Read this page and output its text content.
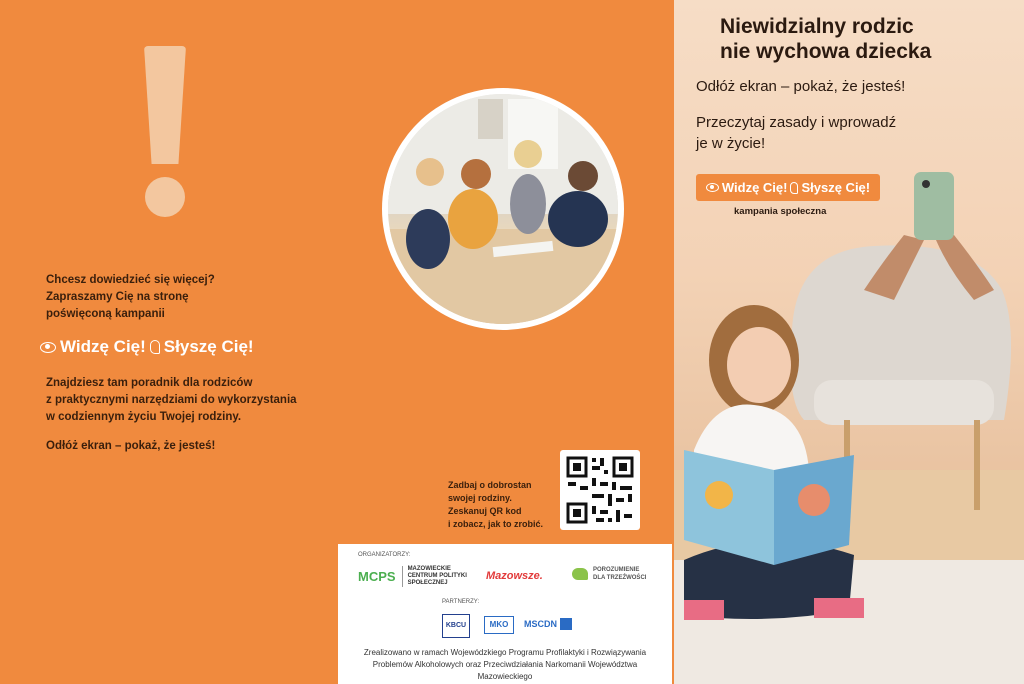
Chcesz dowiedzieć się więcej?
Zapraszamy Cię na stronę
poświęconą kampanii
Widzę Cię! Słyszę Cię!
Znajdziesz tam poradnik dla rodziców
z praktycznymi narzędziami do wykorzystania
w codziennym życiu Twojej rodziny.
Odłóż ekran – pokaż, że jesteś!
Zadbaj o dobrostan
swojej rodziny.
Zeskanuj QR kod
i zobacz, jak to zrobić.
ORGANIZATORZY:
MCPS MAZOWIECKIE
CENTRUM POLITYKI
SPOŁECZNEJ
Mazowsze.	POROZUMIENIE
DLA TRZEŹWOŚCI
PARTNERZY:
KBCU	MKO	MSCDN
Zrealizowano w ramach Wojewódzkiego Programu Profilaktyki i Rozwiązywania
Problemów Alkoholowych oraz Przeciwdziałania Narkomanii Województwa
Mazowieckiego
Niewidzialny rodzic
nie wychowa dziecka
Odłóż ekran – pokaż, że jesteś!
Przeczytaj zasady i wprowadź
je w życie!
Widzę Cię! Słyszę Cię!
kampania społeczna
